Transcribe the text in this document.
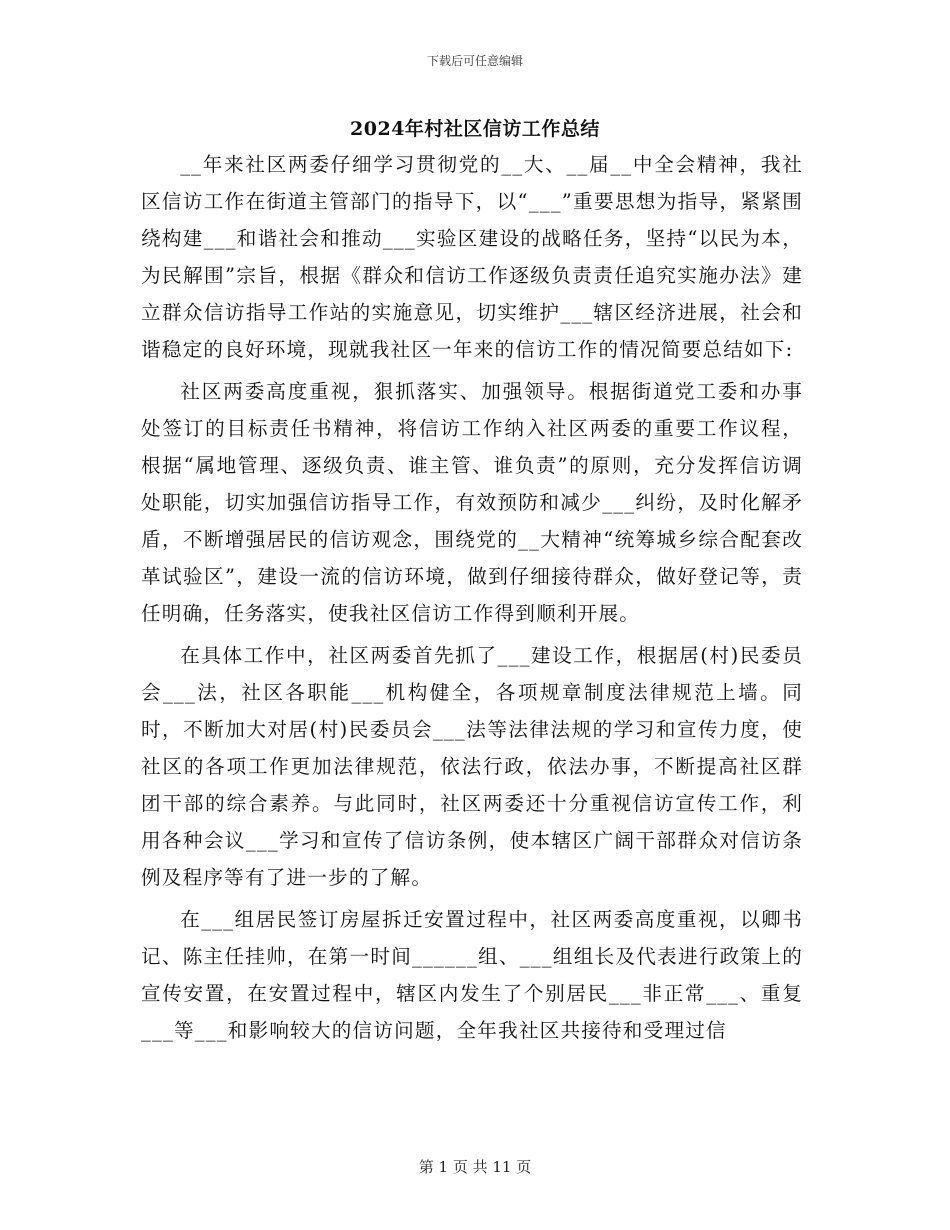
下载后可任意编辑
2024年村社区信访工作总结

__年来社区两委仔细学习贯彻党的__大、__届__中全会精神，我社区信访工作在街道主管部门的指导下，以“___”重要思想为指导，紧紧围绕构建___和谐社会和推动___实验区建设的战略任务，坚持“以民为本，为民解围”宗旨，根据《群众和信访工作逐级负责责任追究实施办法》建立群众信访指导工作站的实施意见，切实维护___辖区经济进展，社会和谐稳定的良好环境，现就我社区一年来的信访工作的情况简要总结如下:

社区两委高度重视，狠抓落实、加强领导。根据街道党工委和办事处签订的目标责任书精神，将信访工作纳入社区两委的重要工作议程，根据“属地管理、逐级负责、谁主管、谁负责”的原则，充分发挥信访调处职能，切实加强信访指导工作，有效预防和减少___纠纷，及时化解矛盾，不断增强居民的信访观念，围绕党的__大精神“统筹城乡综合配套改革试验区”，建设一流的信访环境，做到仔细接待群众，做好登记等，责任明确，任务落实，使我社区信访工作得到顺利开展。

在具体工作中，社区两委首先抓了___建设工作，根据居(村)民委员会___法，社区各职能___机构健全，各项规章制度法律规范上墙。同时，不断加大对居(村)民委员会___法等法律法规的学习和宣传力度，使社区的各项工作更加法律规范，依法行政，依法办事，不断提高社区群团干部的综合素养。与此同时，社区两委还十分重视信访宣传工作，利用各种会议___学习和宣传了信访条例，使本辖区广阔干部群众对信访条例及程序等有了进一步的了解。

在___组居民签订房屋拆迁安置过程中，社区两委高度重视，以卿书记、陈主任挂帅，在第一时间______组、___组组长及代表进行政策上的宣传安置，在安置过程中，辖区内发生了个别居民___非正常___、重复___等___和影响较大的信访问题，全年我社区共接待和受理过信

第 1 页 共 11 页
